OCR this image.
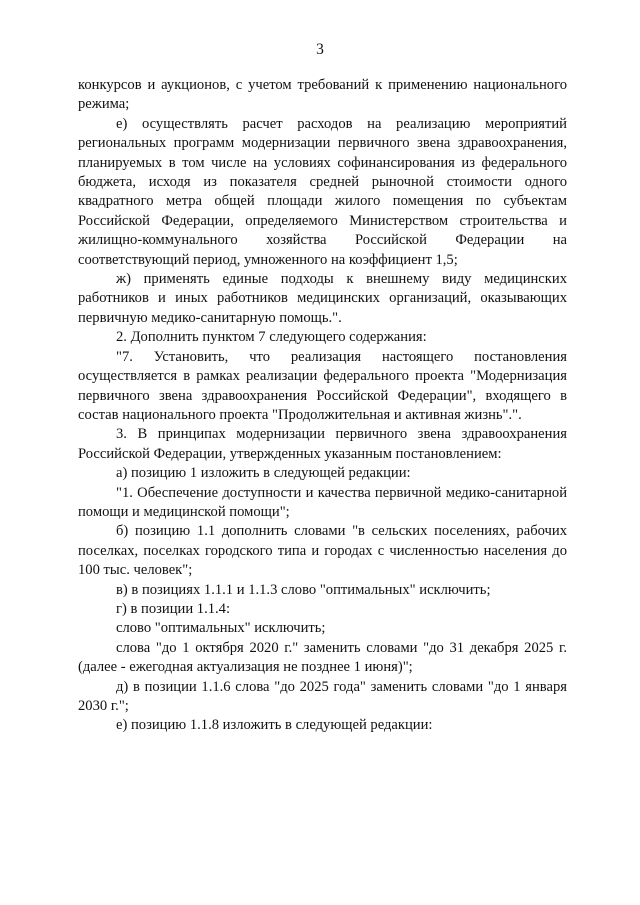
3

конкурсов и аукционов, с учетом требований к применению национального режима;

е) осуществлять расчет расходов на реализацию мероприятий региональных программ модернизации первичного звена здравоохранения, планируемых в том числе на условиях софинансирования из федерального бюджета, исходя из показателя средней рыночной стоимости одного квадратного метра общей площади жилого помещения по субъектам Российской Федерации, определяемого Министерством строительства и жилищно-коммунального хозяйства Российской Федерации на соответствующий период, умноженного на коэффициент 1,5;

ж) применять единые подходы к внешнему виду медицинских работников и иных работников медицинских организаций, оказывающих первичную медико-санитарную помощь.".

2. Дополнить пунктом 7 следующего содержания:

"7. Установить, что реализация настоящего постановления осуществляется в рамках реализации федерального проекта "Модернизация первичного звена здравоохранения Российской Федерации", входящего в состав национального проекта "Продолжительная и активная жизнь".".

3. В принципах модернизации первичного звена здравоохранения Российской Федерации, утвержденных указанным постановлением:

а) позицию 1 изложить в следующей редакции:

"1. Обеспечение доступности и качества первичной медико-санитарной помощи и медицинской помощи";

б) позицию 1.1 дополнить словами "в сельских поселениях, рабочих поселках, поселках городского типа и городах с численностью населения до 100 тыс. человек";

в) в позициях 1.1.1 и 1.1.3 слово "оптимальных" исключить;

г) в позиции 1.1.4:

слово "оптимальных" исключить;

слова "до 1 октября 2020 г." заменить словами "до 31 декабря 2025 г. (далее - ежегодная актуализация не позднее 1 июня)";

д) в позиции 1.1.6 слова "до 2025 года" заменить словами "до 1 января 2030 г.";

е) позицию 1.1.8 изложить в следующей редакции:
